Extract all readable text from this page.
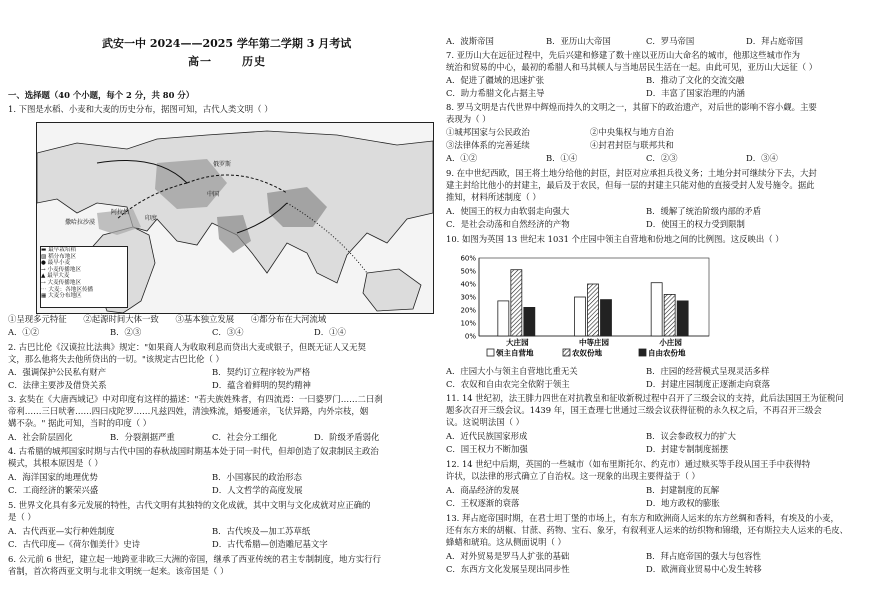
武安一中 2024——2025 学年第二学期 3 月考试
高一	历史
一、选择题（40 个小题，每个 2 分，共 80 分）
1. 下图是水稻、小麦和大麦的历史分布，据图可知，古代人类文明（ ）
俄罗斯
中国
印度
阿拉伯
撒哈拉沙漠
▬ 最早栽培稻
▨ 稻分布地区
● 最早小麦
→ 小麦传播地区
▲ 最早大麦
⇢ 大麦传播地区
⋯ 大麦：各地区传播
▦ 大麦分布地区
①呈现多元特征　　②起源时间大体一致　　③基本独立发展　　④都分布在大河流域
A．①②	B．②③	C．③④	D．①④
2. 古巴比伦《汉谟拉比法典》规定："如果商人为收取利息而贷出大麦或银子，但既无证人又无契
文，那么他将失去他所贷出的一切。"该规定古巴比伦（ ）
A．强调保护公民私有财产	B．契约订立程序较为严格
C．法律主要涉及借贷关系	D．蕴含着鲜明的契约精神
3. 玄奘在《大唐西域记》中对印度有这样的描述："若夫族姓殊者，有四流焉：一曰婆罗门……二曰刹
帝利……三曰吠奢……四曰戍陀罗……凡兹四姓，清浊殊流，婚娶通亲，飞伏异路，内外宗枝，姻
媾不杂。" 据此可知，当时的印度（ ）
A．社会阶层固化	B．分裂割据严重	C．社会分工细化	D．阶级矛盾弱化
4. 古希腊的城邦国家时期与古代中国的春秋战国时期基本处于同一时代，但却创造了奴隶制民主政治
模式，其根本原因是（ ）
A．海洋国家的地理优势	B．小国寡民的政治形态
C．工商经济的繁荣兴盛	D．人文哲学的高度发展
5. 世界文化具有多元发展的特性，古代文明有其独特的文化成就，其中文明与文化成就对应正确的
是（ ）
A．古代西亚—实行种姓制度	B．古代埃及—加工苏草纸
C．古代印度—《荷尔伽美什》史诗	D．古代希腊—创造雕尼基文字
6. 公元前 6 世纪，建立起一地跨亚非欧三大洲的帝国，继承了西亚传统的君主专制制度，地方实行行
省制，首次将西亚文明与北非文明统一起来。该帝国是（ ）
A．波斯帝国	B．亚历山大帝国	C．罗马帝国	D．拜占庭帝国
7. 亚历山大在远征过程中，先后兴建和修建了数十座以亚历山大命名的城市，他那这些城市作为
统治和贸易的中心，最初的希腊人和马其顿人与当地居民生活在一起。由此可见，亚历山大远征（ ）
A．促进了疆域的迅速扩张	B．推动了文化的交流交融
C．助力希腊文化占据主导	D．丰富了国家治理的内涵
8. 罗马文明是古代世界中辉煌而持久的文明之一，其留下的政治遗产，对后世的影响不容小觑。主要
表现为（ ）
①城邦国家与公民政治	②中央集权与地方自治
③法律体系的完善延续	④封君封臣与联邦共和
A．①②	B．①④	C．②③	D．③④
9. 在中世纪西欧，国王将土地分给他的封臣，封臣对应承担兵役义务；土地分封可继续分下去，大封
建主封给比他小的封建主，最后及于农民，但每一层的封建主只能对他的直接受封人发号施令。据此
推知，材料所述制度（ ）
A．使国王的权力由软弱走向强大	B．缓解了统治阶级内部的矛盾
C．是社会动荡和自然经济的产物	D．使国王的权力受到限制
10. 如图为英国 13 世纪末 1031 个庄园中领主自营地和份地之间的比例图。这反映出（ ）
A．庄园大小与领主自营地比重无关	B．庄园的经营模式呈现灵活多样
C．农奴和自由农完全依附于领主	D．封建庄园制度正逐渐走向衰落
11. 14 世纪初，法王腓力四世在对抗教皇和征收新税过程中召开了三级会议的支持，此后法国国王为征税问
题多次召开三级会议。1439 年，国王查理七世通过三级会议获得征税的永久权之后，不再召开三级会
议。这说明法国（ ）
A．近代民族国家形成	B．议会参政权力的扩大
C．国王权力不断加强	D．封建专制制度摇摆
12. 14 世纪中后期，英国的一些城市（如布里斯托尔、约克市）通过赎买等手段从国王手中获得特
许状，以法律的形式确立了自治权。这一现象的出现主要得益于（ ）
A．商品经济的发展	B．封建制度的瓦解
C．王权逐渐的衰落	D．地方政权的膨胀
13. 拜占庭帝国时期，在君士坦丁堡的市场上，有东方和欧洲商人运来的东方丝绸和香料，有埃及的小麦，
还有东方来的胡椒、甘蔗、药物、宝石、象牙，有叙利亚人运来的纺织物和锦缎，还有斯拉夫人运来的毛皮、
蜂蜡和琥珀。这从侧面说明（ ）
A．对外贸易是罗马人扩张的基础	B．拜占庭帝国的强大与包容性
C．东西方文化发展呈现出同步性	D．欧洲商业贸易中心发生转移
0%
10%
20%
30%
40%
50%
60%
大庄园	中等庄园	小庄园
领主自营地	农奴份地	自由农份地
